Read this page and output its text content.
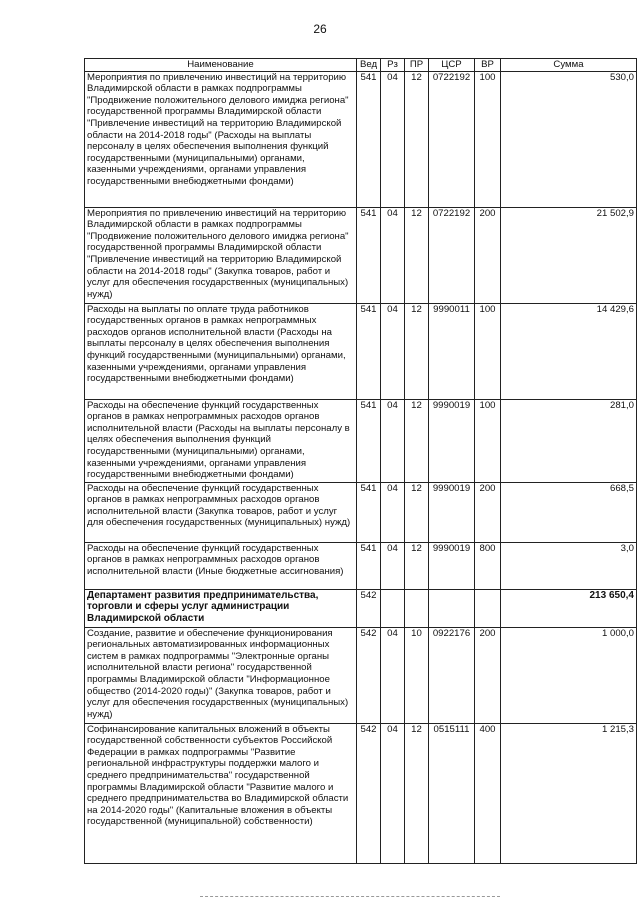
26
Наименование	Вед	Рз	ПР	ЦСР	ВР	Сумма
Мероприятия по привлечению инвестиций на территорию Владимирской области в рамках подпрограммы "Продвижение положительного делового имиджа региона" государственной программы Владимирской области "Привлечение инвестиций на территорию Владимирской области на 2014-2018 годы" (Расходы на выплаты персоналу в целях обеспечения выполнения функций государственными (муниципальными) органами, казенными учреждениями, органами управления государственными внебюджетными фондами)	541	04	12	0722192	100	530,0
Мероприятия по привлечению инвестиций на территорию Владимирской области в рамках подпрограммы "Продвижение положительного делового имиджа региона" государственной программы Владимирской области "Привлечение инвестиций на территорию Владимирской области на 2014-2018 годы" (Закупка товаров, работ и услуг для обеспечения государственных (муниципальных) нужд)	541	04	12	0722192	200	21 502,9
Расходы на выплаты по оплате труда работников государственных органов в рамках непрограммных расходов органов исполнительной власти (Расходы на выплаты персоналу в целях обеспечения выполнения функций государственными (муниципальными) органами, казенными учреждениями, органами управления государственными внебюджетными фондами)	541	04	12	9990011	100	14 429,6
Расходы на обеспечение функций государственных органов в рамках непрограммных расходов органов исполнительной власти (Расходы на выплаты персоналу в целях обеспечения выполнения функций государственными (муниципальными) органами, казенными учреждениями, органами управления государственными внебюджетными фондами)	541	04	12	9990019	100	281,0
Расходы на обеспечение функций государственных органов в рамках непрограммных расходов органов исполнительной власти (Закупка товаров, работ и услуг для обеспечения государственных (муниципальных) нужд)	541	04	12	9990019	200	668,5
Расходы на обеспечение функций государственных органов в рамках непрограммных расходов органов исполнительной власти (Иные бюджетные ассигнования)	541	04	12	9990019	800	3,0
Департамент развития предпринимательства, торговли и сферы услуг администрации Владимирской области	542					213 650,4
Создание, развитие и обеспечение функционирования региональных автоматизированных информационных систем в рамках подпрограммы "Электронные органы исполнительной власти региона" государственной программы Владимирской области "Информационное общество (2014-2020 годы)" (Закупка товаров, работ и услуг для обеспечения государственных (муниципальных) нужд)	542	04	10	0922176	200	1 000,0
Софинансирование капитальных вложений в объекты государственной собственности субъектов Российской Федерации в рамках подпрограммы "Развитие региональной инфраструктуры поддержки малого и среднего предпринимательства" государственной программы Владимирской области "Развитие малого и среднего предпринимательства во Владимирской области на 2014-2020 годы" (Капитальные вложения в объекты государственной (муниципальной) собственности)	542	04	12	0515111	400	1 215,3
